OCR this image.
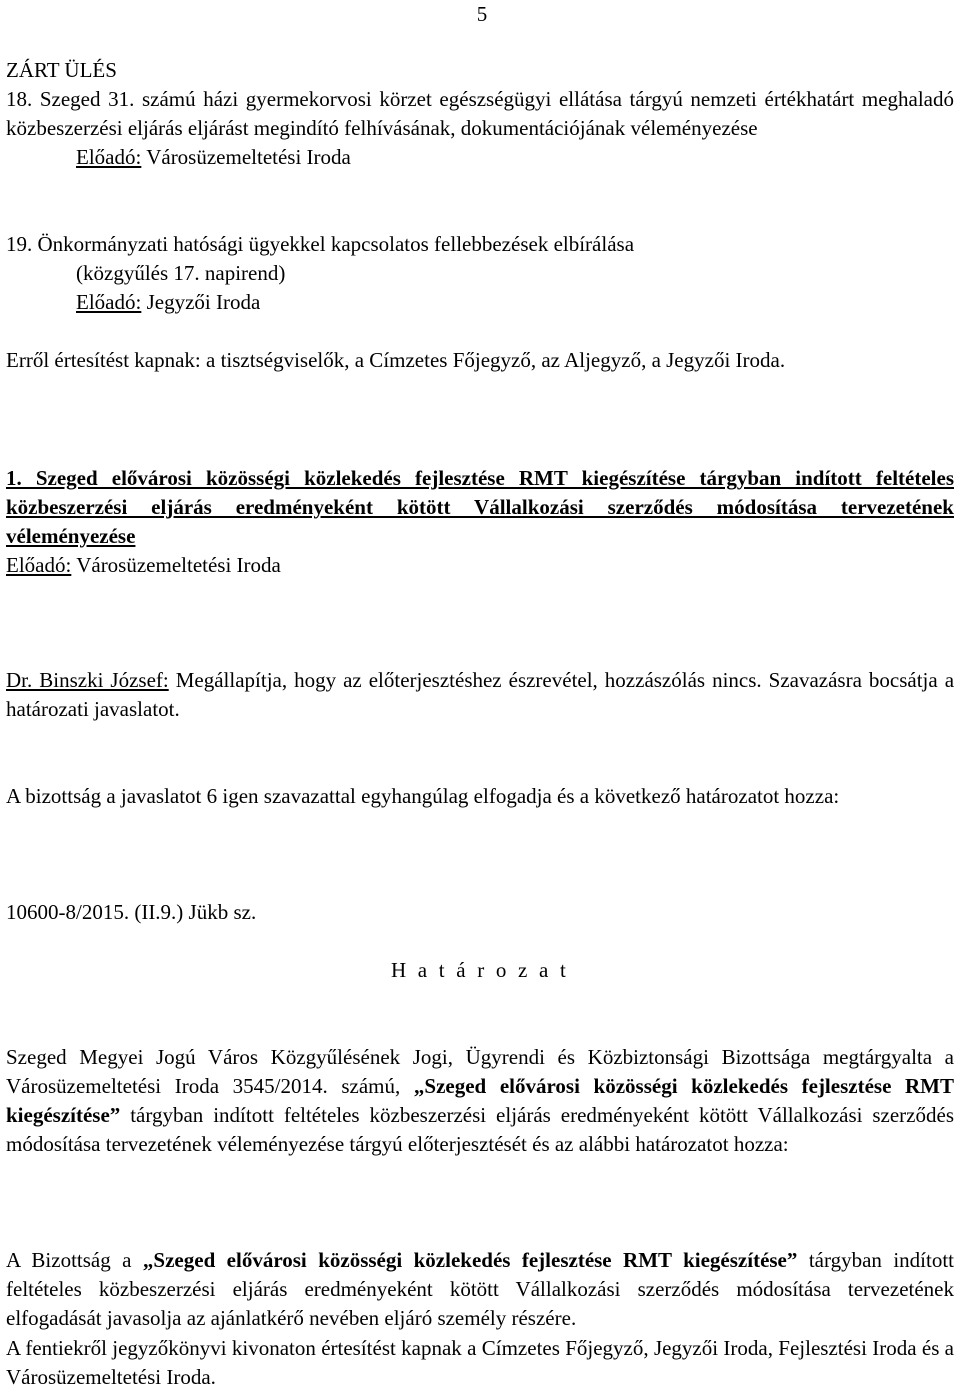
5

ZÁRT ÜLÉS

18. Szeged 31. számú házi gyermekorvosi körzet egészségügyi ellátása tárgyú nemzeti értékhatárt meghaladó közbeszerzési eljárás eljárást megindító felhívásának, dokumentációjának véleményezése
Előadó: Városüzemeltetési Iroda
19. Önkormányzati hatósági ügyekkel kapcsolatos fellebbezések elbírálása
(közgyűlés 17. napirend)
Előadó: Jegyzői Iroda

Erről értesítést kapnak: a tisztségviselők, a Címzetes Főjegyző, az Aljegyző, a Jegyzői Iroda.

1. Szeged elővárosi közösségi közlekedés fejlesztése RMT kiegészítése tárgyban indított feltételes közbeszerzési eljárás eredményeként kötött Vállalkozási szerződés módosítása tervezetének véleményezése
Előadó: Városüzemeltetési Iroda

Dr. Binszki József: Megállapítja, hogy az előterjesztéshez észrevétel, hozzászólás nincs. Szavazásra bocsátja a határozati javaslatot.

A bizottság a javaslatot 6 igen szavazattal egyhangúlag elfogadja és a következő határozatot hozza:

10600-8/2015. (II.9.) Jükb sz.

H a t á r o z a t

Szeged Megyei Jogú Város Közgyűlésének Jogi, Ügyrendi és Közbiztonsági Bizottsága megtárgyalta a Városüzemeltetési Iroda 3545/2014. számú, „Szeged elővárosi közösségi közlekedés fejlesztése RMT kiegészítése” tárgyban indított feltételes közbeszerzési eljárás eredményeként kötött Vállalkozási szerződés módosítása tervezetének véleményezése tárgyú előterjesztését és az alábbi határozatot hozza:

A Bizottság a „Szeged elővárosi közösségi közlekedés fejlesztése RMT kiegészítése” tárgyban indított feltételes közbeszerzési eljárás eredményeként kötött Vállalkozási szerződés módosítása tervezetének elfogadását javasolja az ajánlatkérő nevében eljáró személy részére.

A fentiekről jegyzőkönyvi kivonaton értesítést kapnak a Címzetes Főjegyző, Jegyzői Iroda, Fejlesztési Iroda és a Városüzemeltetési Iroda.
